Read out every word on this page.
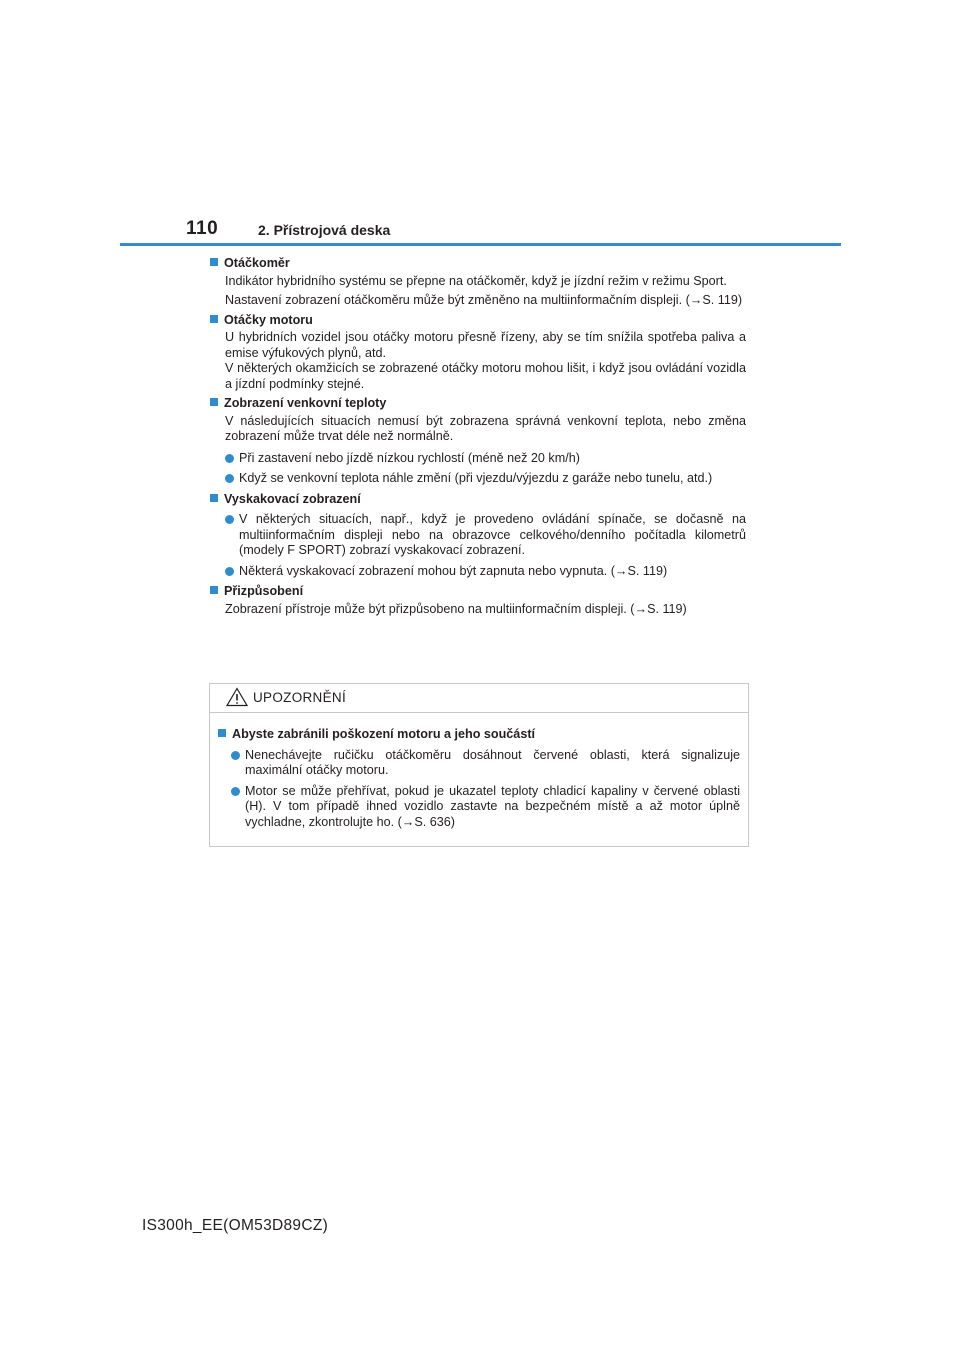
110	2. Přístrojová deska
Otáčkoměr
Indikátor hybridního systému se přepne na otáčkoměr, když je jízdní režim v režimu Sport.
Nastavení zobrazení otáčkoměru může být změněno na multiinformačním displeji. (→S. 119)
Otáčky motoru
U hybridních vozidel jsou otáčky motoru přesně řízeny, aby se tím snížila spotřeba paliva a emise výfukových plynů, atd.
V některých okamžicích se zobrazené otáčky motoru mohou lišit, i když jsou ovládání vozidla a jízdní podmínky stejné.
Zobrazení venkovní teploty
V následujících situacích nemusí být zobrazena správná venkovní teplota, nebo změna zobrazení může trvat déle než normálně.
Při zastavení nebo jízdě nízkou rychlostí (méně než 20 km/h)
Když se venkovní teplota náhle změní (při vjezdu/výjezdu z garáže nebo tunelu, atd.)
Vyskakovací zobrazení
V některých situacích, např., když je provedeno ovládání spínače, se dočasně na multiinformačním displeji nebo na obrazovce celkového/denního počítadla kilometrů (modely F SPORT) zobrazí vyskakovací zobrazení.
Některá vyskakovací zobrazení mohou být zapnuta nebo vypnuta. (→S. 119)
Přizpůsobení
Zobrazení přístroje může být přizpůsobeno na multiinformačním displeji. (→S. 119)
UPOZORNĚNÍ
Abyste zabránili poškození motoru a jeho součástí
Nenechávejte ručičku otáčkoměru dosáhnout červené oblasti, která signalizuje maximální otáčky motoru.
Motor se může přehřívat, pokud je ukazatel teploty chladicí kapaliny v červené oblasti (H). V tom případě ihned vozidlo zastavte na bezpečném místě a až motor úplně vychladne, zkontrolujte ho. (→S. 636)
IS300h_EE(OM53D89CZ)
